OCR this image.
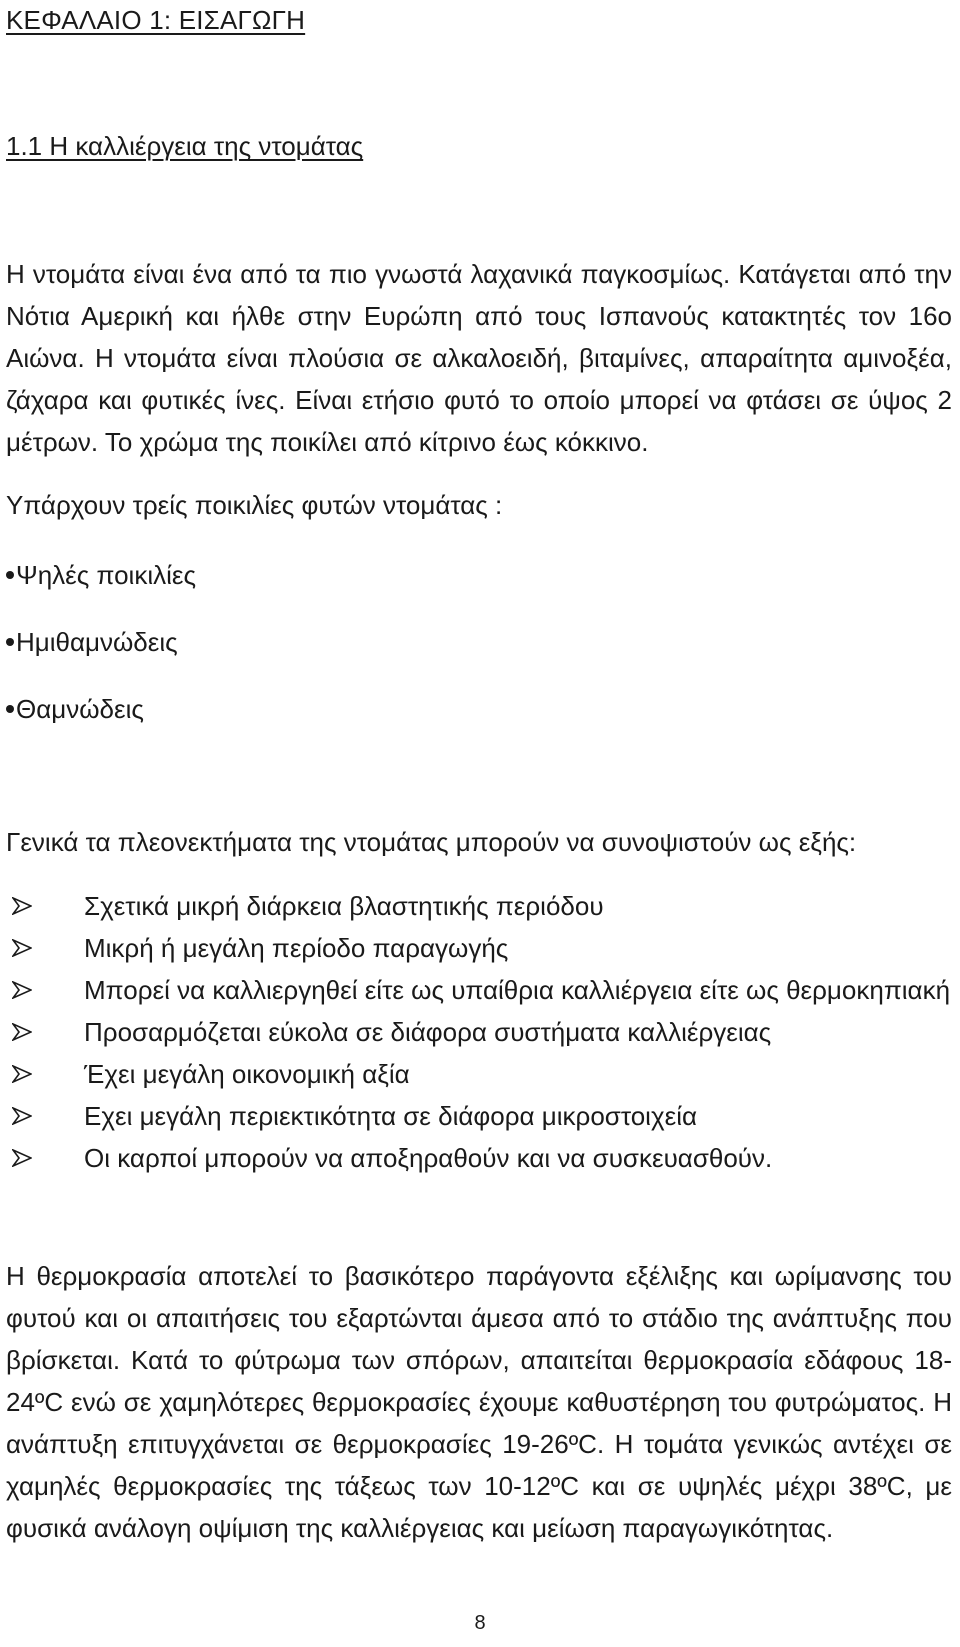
ΚΕΦΑΛΑΙΟ 1: ΕΙΣΑΓΩΓΗ
1.1 Η καλλιέργεια της ντομάτας

Η ντομάτα είναι ένα από τα πιο γνωστά λαχανικά παγκοσμίως. Κατάγεται από την Νότια Αμερική και ήλθε στην Ευρώπη από τους Ισπανούς κατακτητές τον 16ο Αιώνα. Η ντομάτα είναι πλούσια σε αλκαλοειδή, βιταμίνες, απαραίτητα αμινοξέα, ζάχαρα και φυτικές ίνες. Είναι ετήσιο φυτό το οποίο μπορεί να φτάσει σε ύψος 2 μέτρων. Το χρώμα της ποικίλει από κίτρινο έως κόκκινο.

Υπάρχουν τρείς ποικιλίες φυτών ντομάτας :

Ψηλές ποικιλίες
Ημιθαμνώδεις
Θαμνώδεις

Γενικά τα πλεονεκτήματα της ντομάτας μπορούν να συνοψιστούν ως εξής:

Σχετικά μικρή διάρκεια βλαστητικής περιόδου
Μικρή ή μεγάλη περίοδο παραγωγής
Μπορεί να καλλιεργηθεί είτε ως υπαίθρια καλλιέργεια είτε ως θερμοκηπιακή
Προσαρμόζεται εύκολα σε διάφορα συστήματα καλλιέργειας
Έχει μεγάλη οικονομική αξία
Εχει μεγάλη περιεκτικότητα σε διάφορα μικροστοιχεία
Οι καρποί μπορούν να αποξηραθούν και να συσκευασθούν.

Η θερμοκρασία αποτελεί το βασικότερο παράγοντα εξέλιξης και ωρίμανσης του φυτού και οι απαιτήσεις του εξαρτώνται άμεσα από το στάδιο της ανάπτυξης που βρίσκεται. Κατά το φύτρωμα των σπόρων, απαιτείται θερμοκρασία εδάφους 18-24ºC ενώ σε χαμηλότερες θερμοκρασίες έχουμε καθυστέρηση του φυτρώματος. Η ανάπτυξη επιτυγχάνεται σε θερμοκρασίες 19-26ºC. Η τομάτα γενικώς αντέχει σε χαμηλές θερμοκρασίες της τάξεως των 10-12ºC και σε υψηλές μέχρι 38ºC, με φυσικά ανάλογη οψίμιση της καλλιέργειας και μείωση παραγωγικότητας.

8
